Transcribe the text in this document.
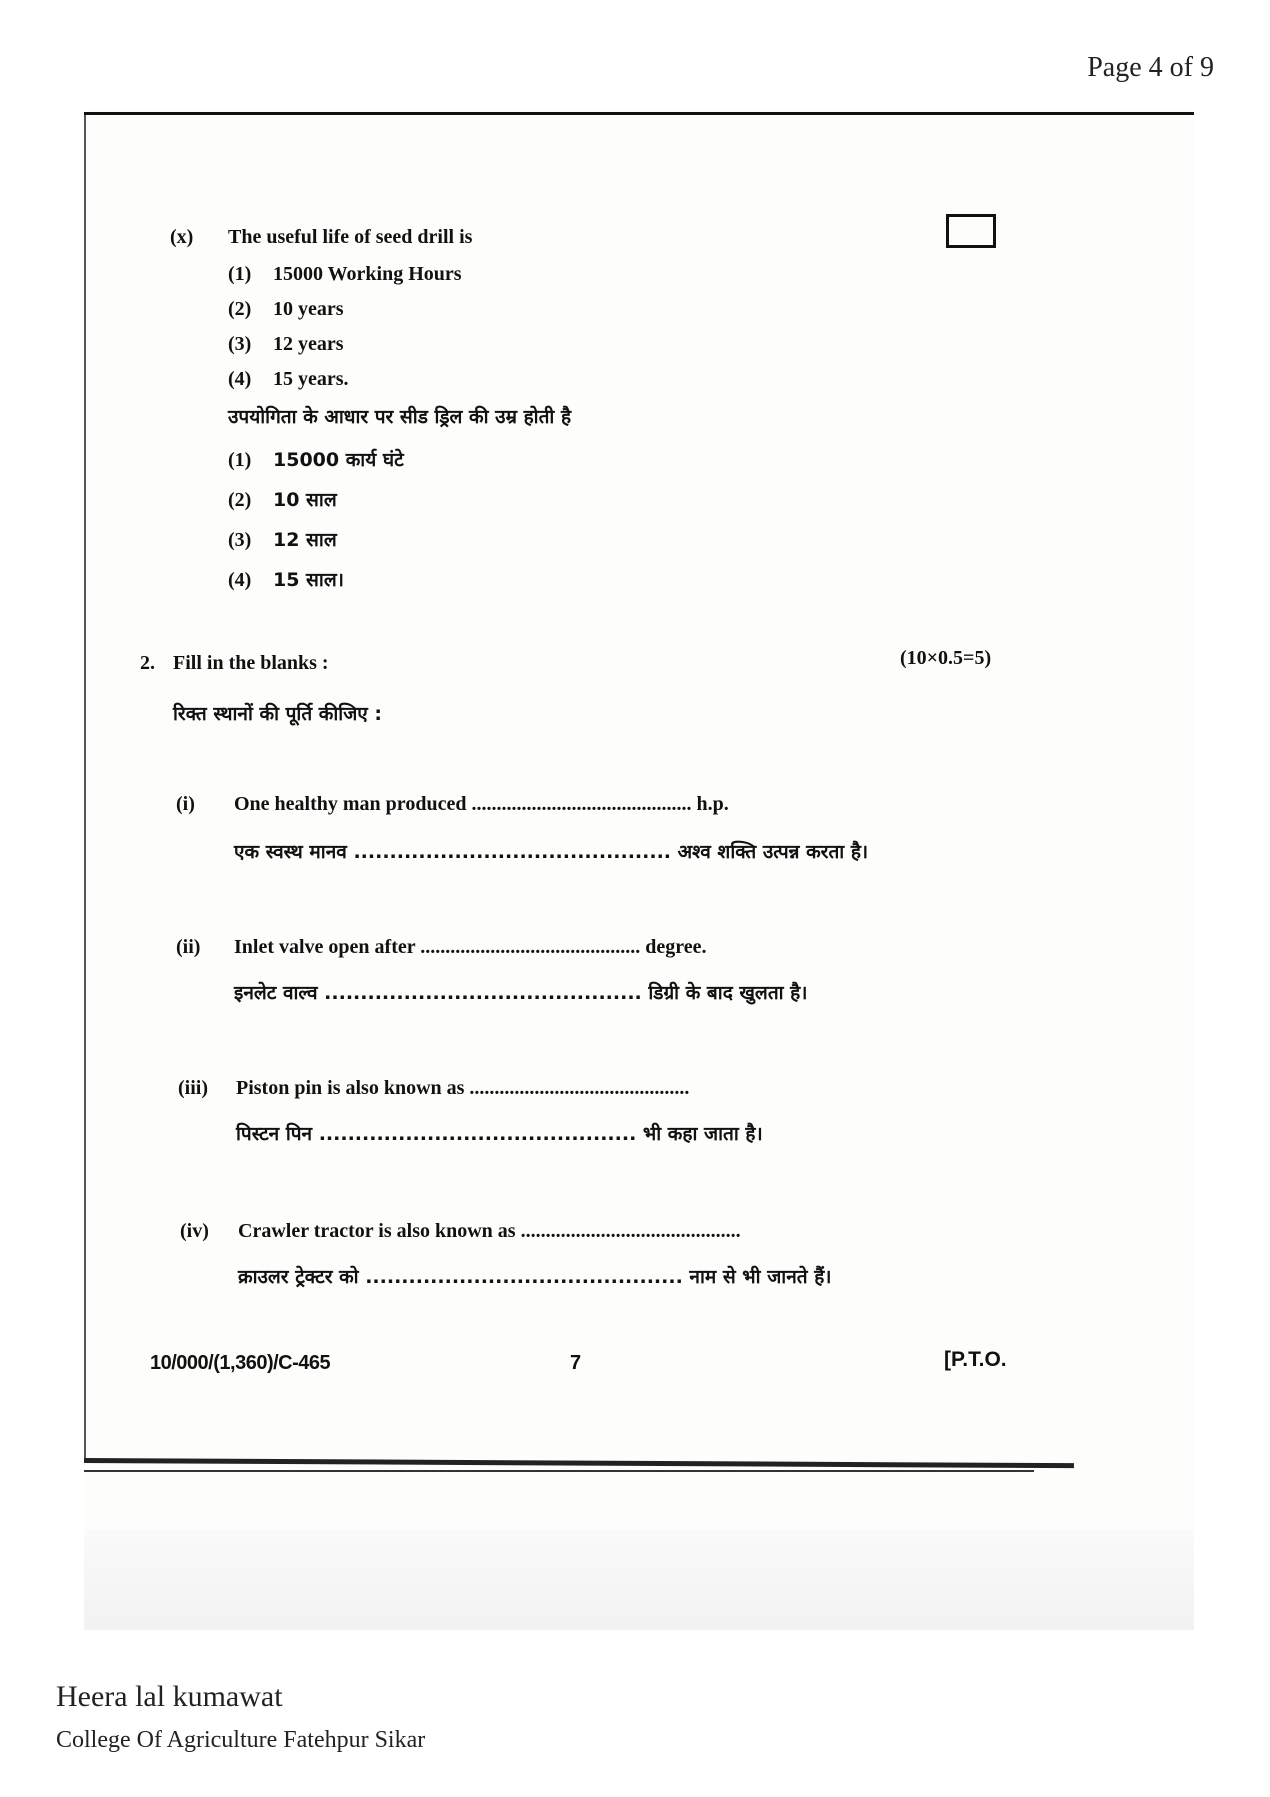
Page 4 of 9
(x) The useful life of seed drill is
(1) 15000 Working Hours
(2) 10 years
(3) 12 years
(4) 15 years.
उपयोगिता के आधार पर सीड ड्रिल की उम्र होती है
(1) 15000 कार्य घंटे
(2) 10 साल
(3) 12 साल
(4) 15 साल।
2. Fill in the blanks :	(10×0.5=5)
रिक्त स्थानों की पूर्ति कीजिए :
(i) One healthy man produced ............................................ h.p.
एक स्वस्थ मानव ............................................ अश्व शक्ति उत्पन्न करता है।
(ii) Inlet valve open after ............................................ degree.
इनलेट वाल्व ............................................ डिग्री के बाद खुलता है।
(iii) Piston pin is also known as ............................................
पिस्टन पिन ............................................ भी कहा जाता है।
(iv) Crawler tractor is also known as ............................................
क्राउलर ट्रेक्टर को ............................................ नाम से भी जानते हैं।
10/000/(1,360)/C-465	7	[P.T.O.
Heera lal kumawat
College Of Agriculture Fatehpur Sikar
